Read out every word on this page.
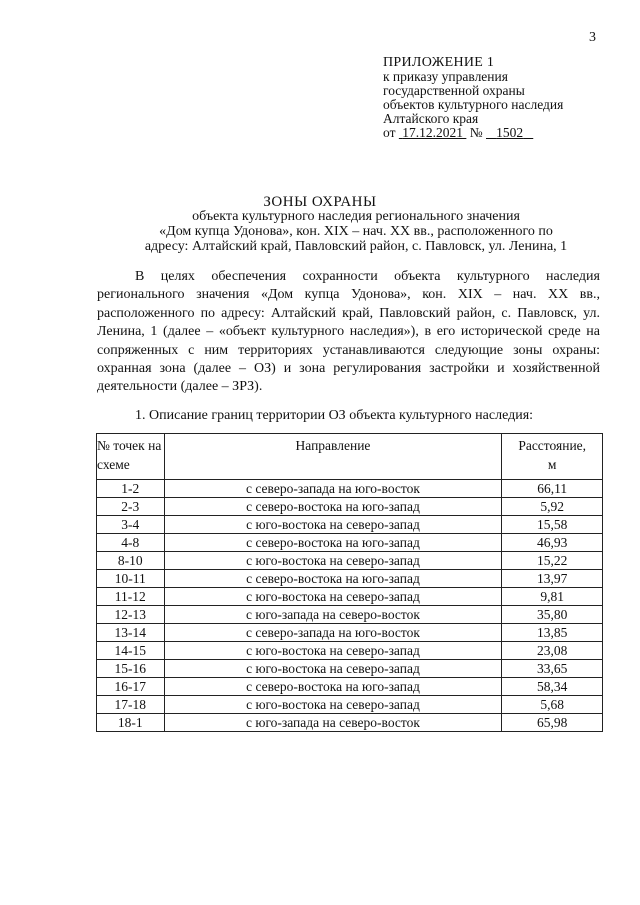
3
ПРИЛОЖЕНИЕ 1
к приказу управления
государственной охраны
объектов культурного наследия
Алтайского края
от 17.12.2021 № 1502
ЗОНЫ ОХРАНЫ
объекта культурного наследия регионального значения
«Дом купца Удонова», кон. XIX – нач. XX вв., расположенного по
адресу: Алтайский край, Павловский район, с. Павловск, ул. Ленина, 1
В целях обеспечения сохранности объекта культурного наследия регионального значения «Дом купца Удонова», кон. XIX – нач. XX вв., расположенного по адресу: Алтайский край, Павловский район, с. Павловск, ул. Ленина, 1 (далее – «объект культурного наследия»), в его исторической среде на сопряженных с ним территориях устанавливаются следующие зоны охраны: охранная зона (далее – ОЗ) и зона регулирования застройки и хозяйственной деятельности (далее – ЗРЗ).
1. Описание границ территории ОЗ объекта культурного наследия:
№ точек на схеме	Направление	Расстояние,
м

1-2	с северо-запада на юго-восток	66,11
2-3	с северо-востока на юго-запад	5,92
3-4	с юго-востока на северо-запад	15,58
4-8	с северо-востока на юго-запад	46,93
8-10	с юго-востока на северо-запад	15,22
10-11	с северо-востока на юго-запад	13,97
11-12	с юго-востока на северо-запад	9,81
12-13	с юго-запада на северо-восток	35,80
13-14	с северо-запада на юго-восток	13,85
14-15	с юго-востока на северо-запад	23,08
15-16	с юго-востока на северо-запад	33,65
16-17	с северо-востока на юго-запад	58,34
17-18	с юго-востока на северо-запад	5,68
18-1	с юго-запада на северо-восток	65,98
